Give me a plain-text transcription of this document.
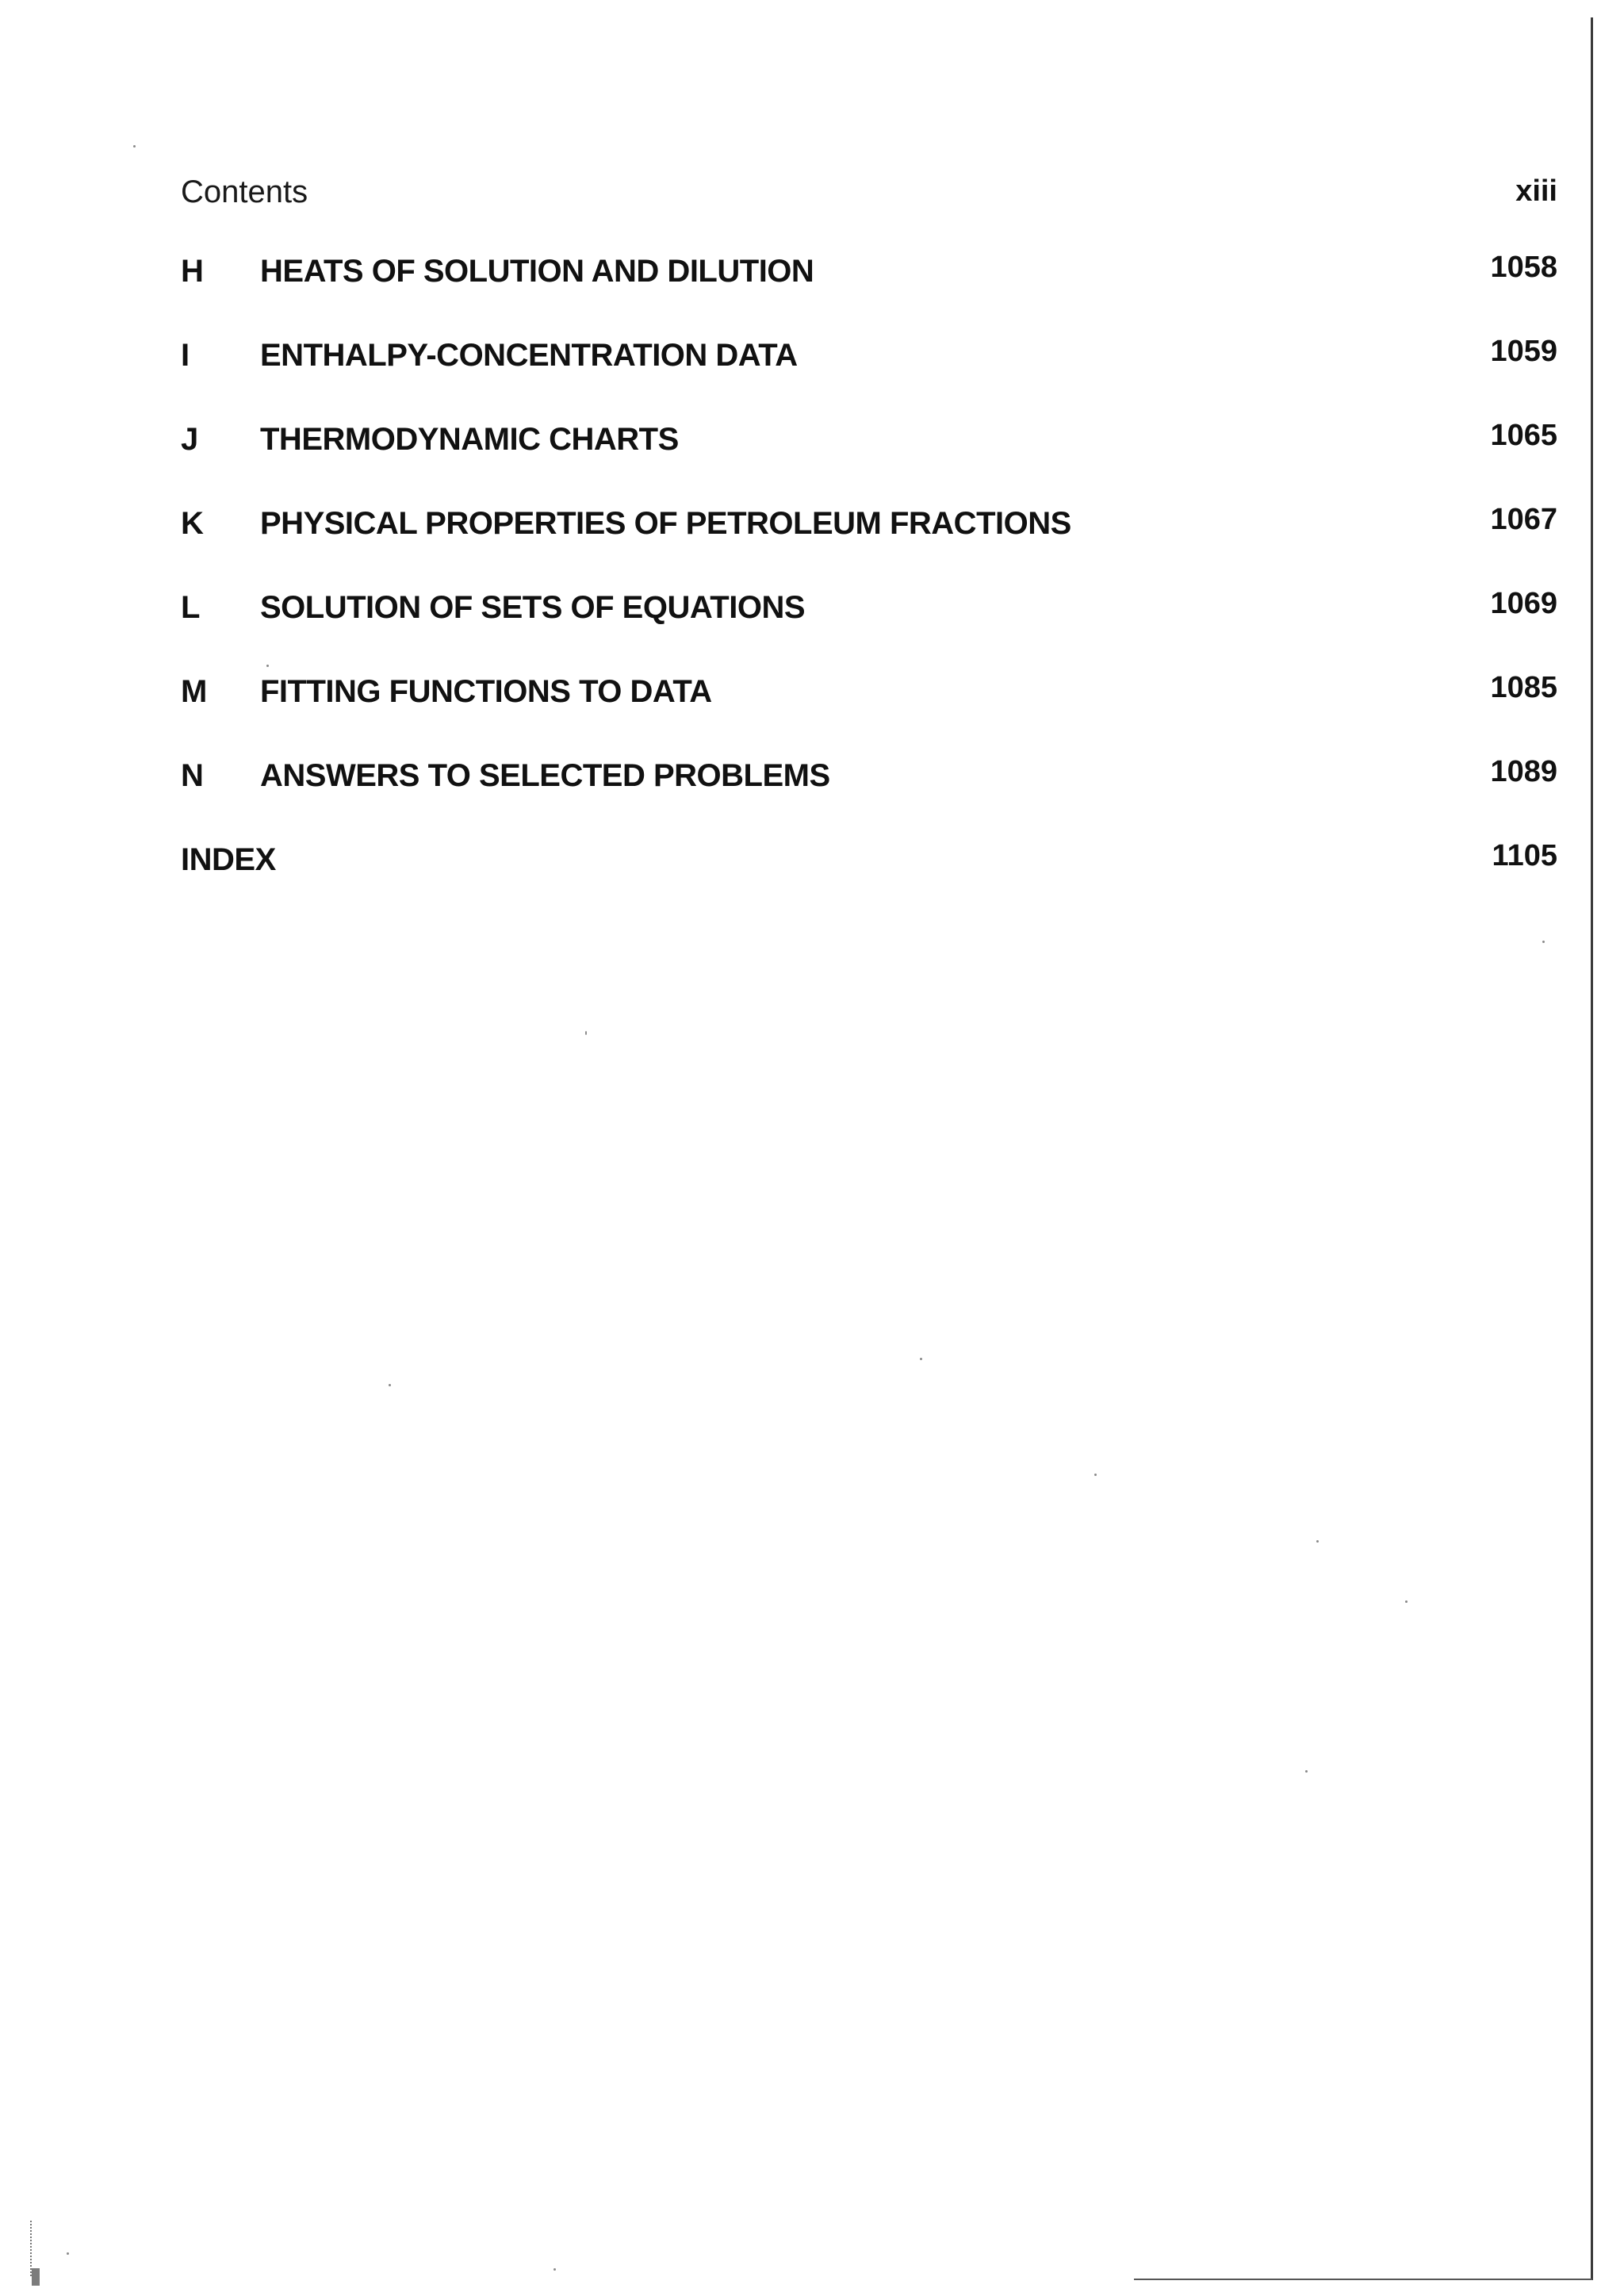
Contents	xiii
H HEATS OF SOLUTION AND DILUTION	1058
I ENTHALPY-CONCENTRATION DATA	1059
J THERMODYNAMIC CHARTS	1065
K PHYSICAL PROPERTIES OF PETROLEUM FRACTIONS	1067
L SOLUTION OF SETS OF EQUATIONS	1069
M FITTING FUNCTIONS TO DATA	1085
N ANSWERS TO SELECTED PROBLEMS	1089
INDEX	1105
